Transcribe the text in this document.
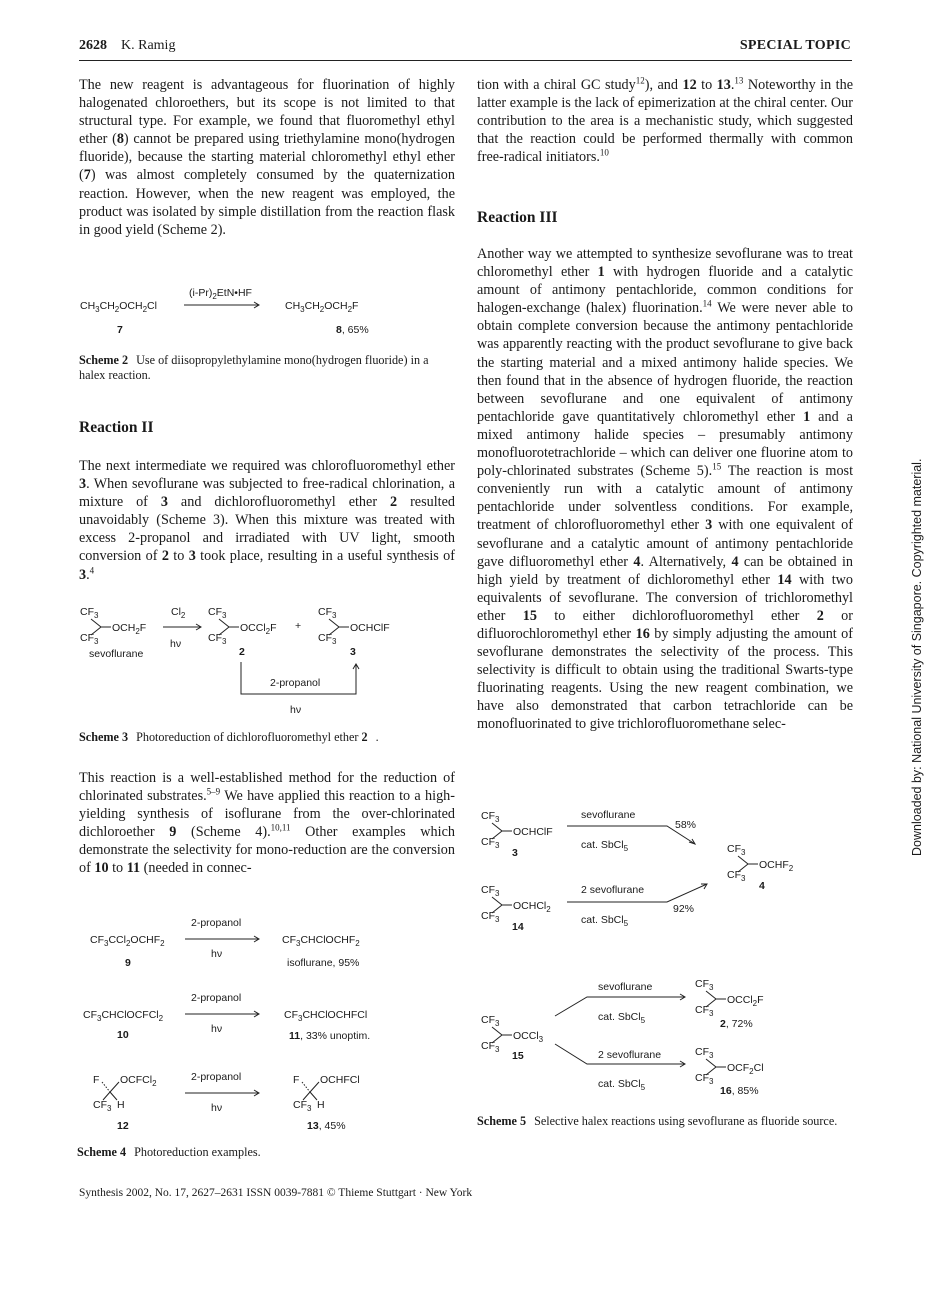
2628 K. Ramig	SPECIAL TOPIC

The new reagent is advantageous for fluorination of highly halogenated chloroethers, but its scope is not limited to that structural type. For example, we found that fluoromethyl ethyl ether (8) cannot be prepared using triethylamine mono(hydrogen fluoride), because the starting material chloromethyl ethyl ether (7) was almost completely consumed by the quaternization reaction. However, when the new reagent was employed, the product was isolated by simple distillation from the reaction flask in good yield (Scheme 2).

$(i-Pr)_2EtN•HF$
$CH_3CH_2OCH_2Cl$	$CH_3CH_2OCH_2F$
7	8, 65%
Scheme 2 Use of diisopropylethylamine mono(hydrogen fluoride) in a halex reaction.
Reaction II

The next intermediate we required was chlorofluoromethyl ether 3. When sevoflurane was subjected to free-radical chlorination, a mixture of 3 and dichlorofluoromethyl ether 2 resulted unavoidably (Scheme 3). When this mixture was treated with excess 2-propanol and irradiated with UV light, smooth conversion of 2 to 3 took place, resulting in a useful synthesis of 3.$^4$

$CF_3$
$CF_3$
$OCH_2F$
sevoflurane
$Cl_2$
hν
$CF_3$
$CF_3$
OCCl$_2$F
2
+
$CF_3$
$CF_3$
OCHClF
3
2-propanol
hν
Scheme 3 Photoreduction of dichlorofluoromethyl ether 2 .

This reaction is a well-established method for the reduction of chlorinated substrates.$^{5-9}$ We have applied this reaction to a high-yielding synthesis of isoflurane from the over-chlorinated dichloroether 9 (Scheme 4).$^{10,11}$ Other examples which demonstrate the selectivity for mono-reduction are the conversion of 10 to 11 (needed in connec-

2-propanol
hν
$CF_3CCl_2OCHF_2$
9
$CF_3CHClOCHF_2$
isoflurane, 95%
2-propanol
hν
$CF_3CHClOCFCl_2$
10
$CF_3CHClOCHFCl$
11, 33% unoptim.
2-propanol
hν
F OCFCl$_2$
$CF_3$ H
12
F OCHFCl
$CF_3$ H
13, 45%
Scheme 4 Photoreduction examples.

tion with a chiral GC study$^{12}$), and 12 to 13.13 Noteworthy in the latter example is the lack of epimerization at the chiral center. Our contribution to the area is a mechanistic study, which suggested that the reaction could be performed thermally with common free-radical initiators.$^{10}$

Reaction III

Another way we attempted to synthesize sevoflurane was to treat chloromethyl ether 1 with hydrogen fluoride and a catalytic amount of antimony pentachloride, common conditions for halogen-exchange (halex) fluorination.$^{14}$ We were never able to obtain complete conversion because the antimony pentachloride was apparently reacting with the product sevoflurane to give back the starting material and a mixed antimony halide species. We then found that in the absence of hydrogen fluoride, the reaction between sevoflurane and one equivalent of antimony pentachloride gave quantitatively chloromethyl ether 1 and a mixed antimony halide species – presumably antimony monofluorotetrachloride – which can deliver one fluorine atom to poly-chlorinated substrates (Scheme 5).$^{15}$ The reaction is most conveniently run with a catalytic amount of antimony pentachloride under solventless conditions. For example, treatment of chlorofluoromethyl ether 3 with one equivalent of sevoflurane and a catalytic amount of antimony pentachloride gave difluoromethyl ether 4. Alternatively, 4 can be obtained in high yield by treatment of dichloromethyl ether 14 with two equivalents of sevoflurane. The conversion of trichloromethyl ether 15 to either dichlorofluoromethyl ether 2 or difluorochloromethyl ether 16 by simply adjusting the amount of sevoflurane demonstrates the selectivity of the process. This selectivity is difficult to obtain using the traditional Swarts-type fluorinating reagents. Using the new reagent combination, we have also demonstrated that carbon tetrachloride can be monofluorinated to give trichlorofluoromethane selec-

$CF_3$
$CF_3$
OCHClF
3
sevoflurane
cat. SbCl$_5$
58%
$CF_3$
$CF_3$
$OCHF_2$
4
$CF_3$
$CF_3$
OCHCl$_2$
14
2 sevoflurane
cat. SbCl$_5$
92%
$CF_3$
$CF_3$
OCCl$_3$
15
sevoflurane
cat. SbCl$_5$
2 sevoflurane
cat. SbCl$_5$
$CF_3$
$CF_3$
OCCl$_2$F
2, 72%
$CF_3$
$CF_3$
$OCF_2Cl$
16, 85%
Scheme 5 Selective halex reactions using sevoflurane as fluoride source.
Synthesis 2002, No. 17, 2627–2631 ISSN 0039-7881 © Thieme Stuttgart · New York
Downloaded by: National University of Singapore. Copyrighted material.
